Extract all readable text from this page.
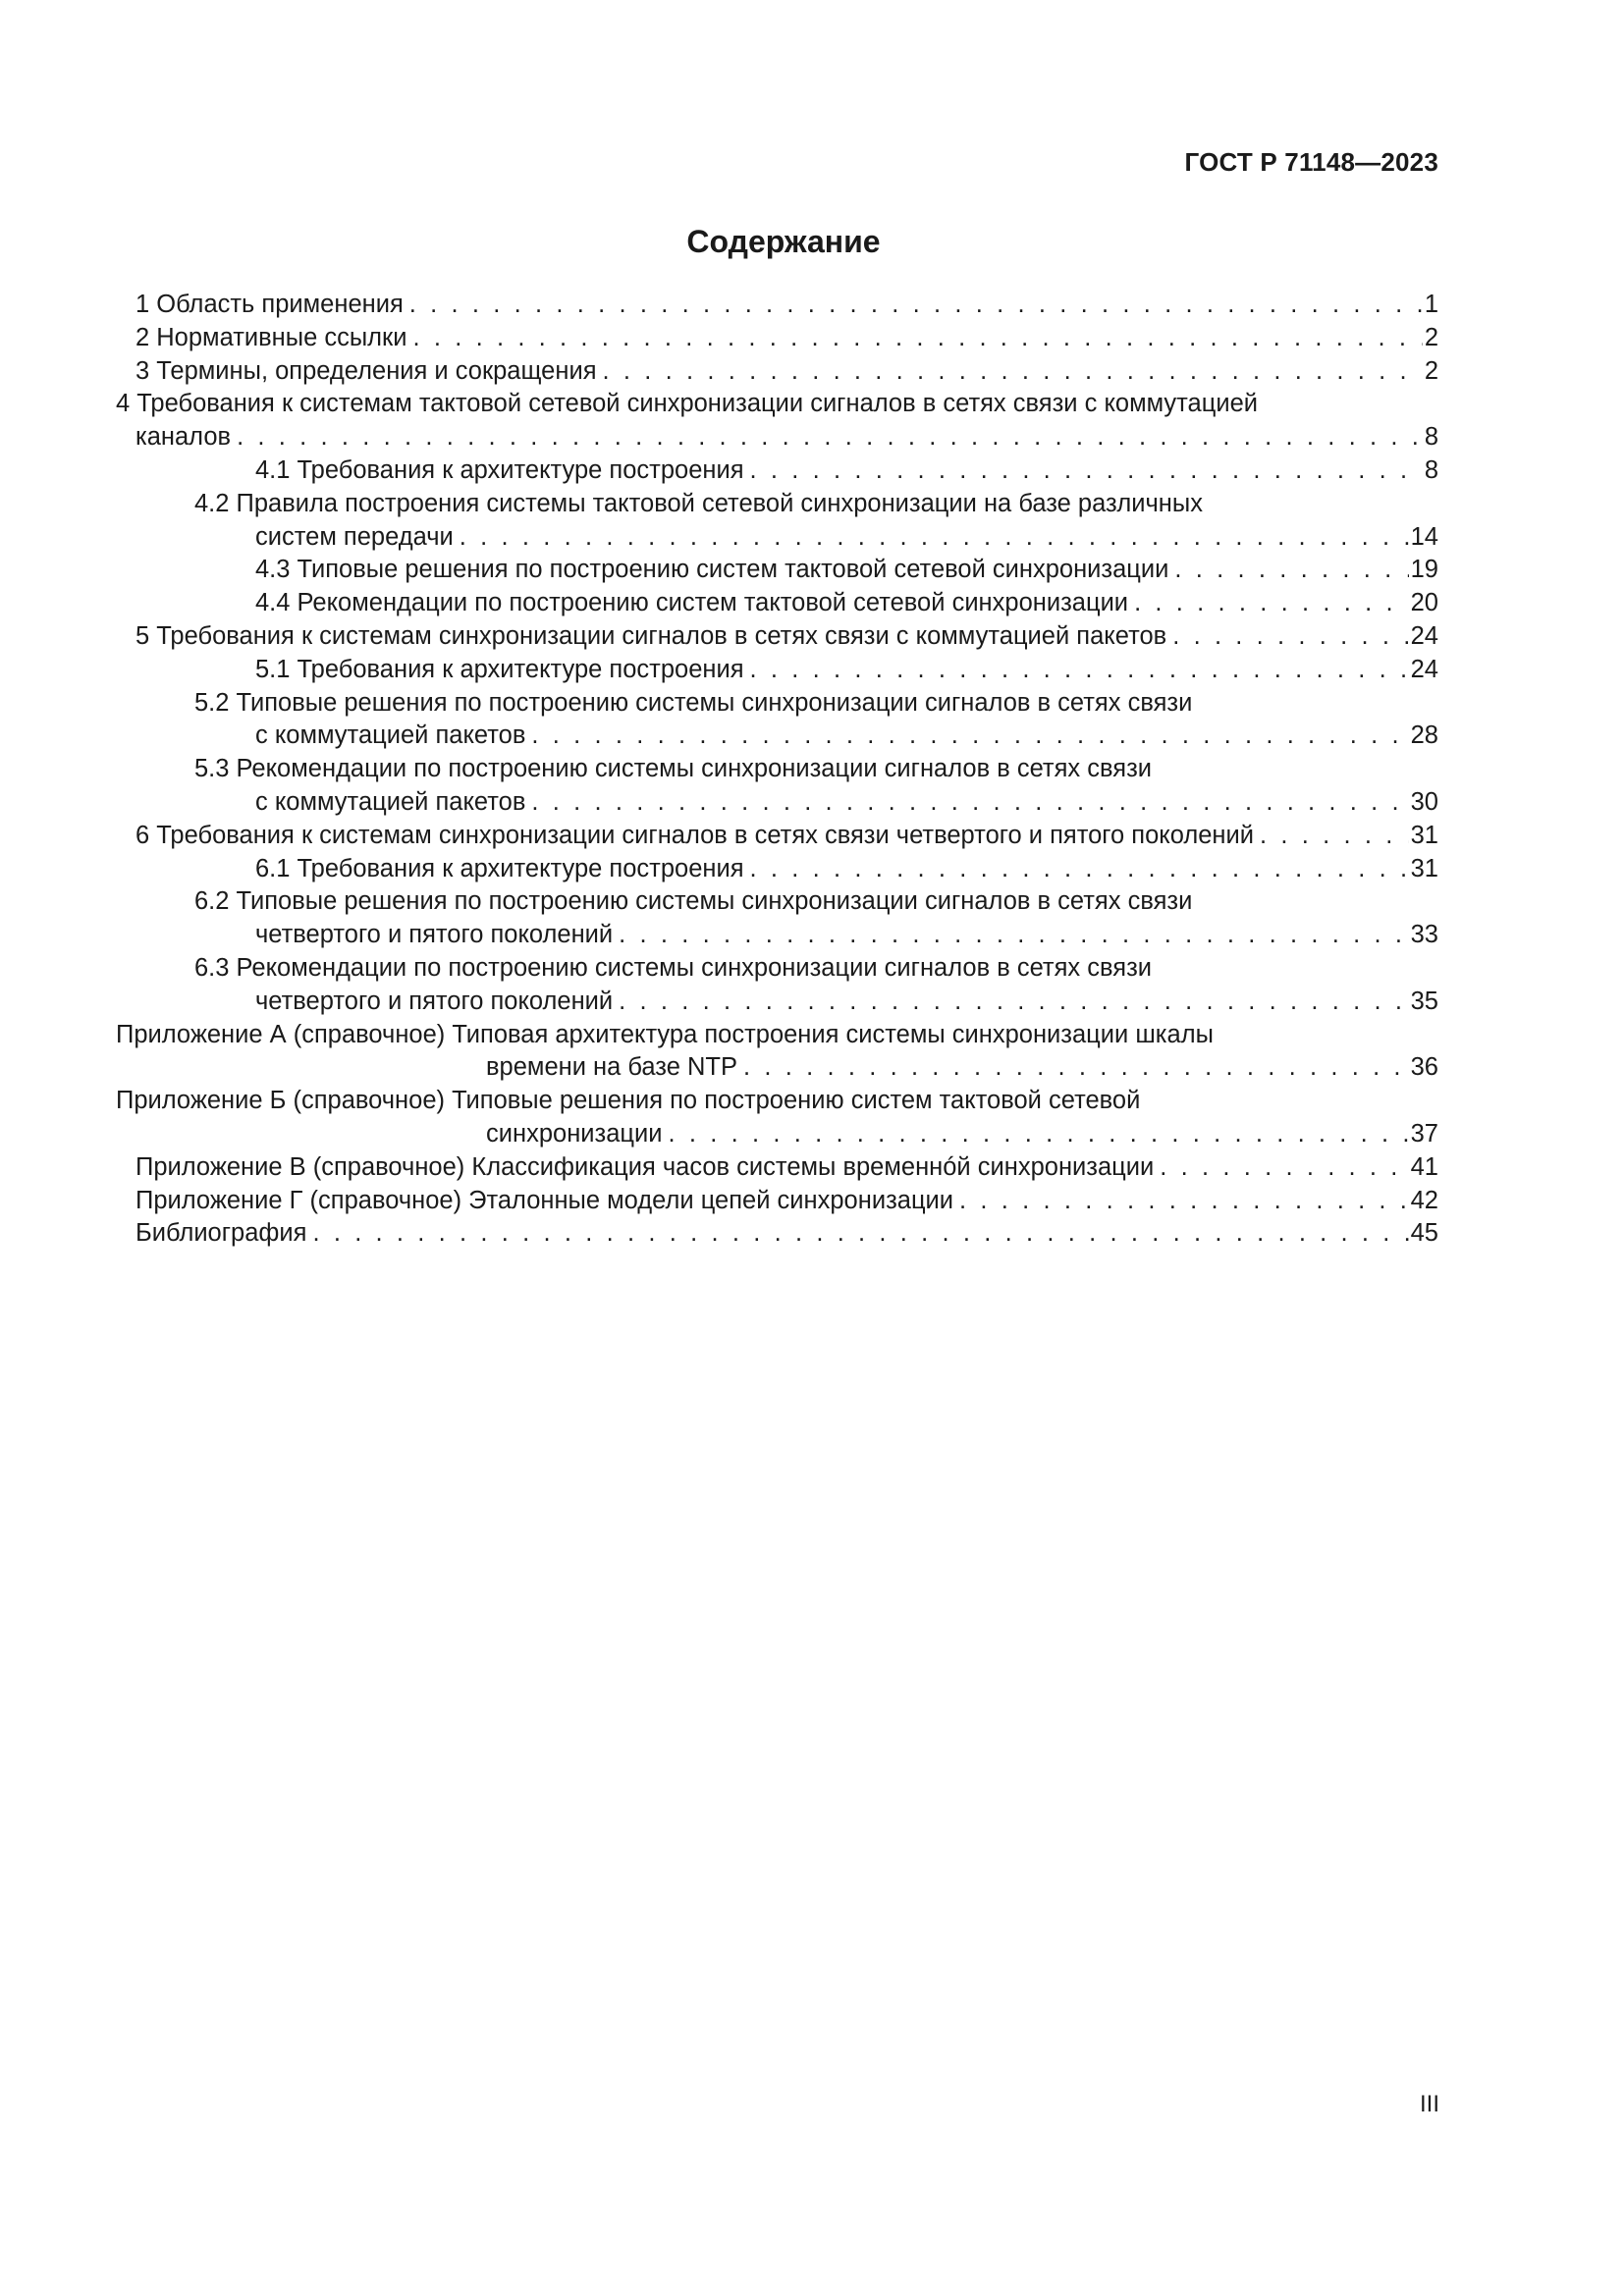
ГОСТ Р 71148—2023
Содержание
1 Область применения . . .	1
2 Нормативные ссылки . . .	2
3 Термины, определения и сокращения . . .	2
4 Требования к системам тактовой сетевой синхронизации сигналов в сетях связи с коммутацией
каналов . . .	8
4.1 Требования к архитектуре построения . . .	8
4.2 Правила построения системы тактовой сетевой синхронизации на базе различных
систем передачи . . .	14
4.3 Типовые решения по построению систем тактовой сетевой синхронизации . . .	19
4.4 Рекомендации по построению систем тактовой сетевой синхронизации . . .	20
5 Требования к системам синхронизации сигналов в сетях связи с коммутацией пакетов . . .	24
5.1 Требования к архитектуре построения . . .	24
5.2 Типовые решения по построению системы синхронизации сигналов в сетях связи
с коммутацией пакетов . . .	28
5.3 Рекомендации по построению системы синхронизации сигналов в сетях связи
с коммутацией пакетов . . .	30
6 Требования к системам синхронизации сигналов в сетях связи четвертого и пятого поколений . . .	31
6.1 Требования к архитектуре построения . . .	31
6.2 Типовые решения по построению системы синхронизации сигналов в сетях связи
четвертого и пятого поколений . . .	33
6.3 Рекомендации по построению системы синхронизации сигналов в сетях связи
четвертого и пятого поколений . . .	35
Приложение А (справочное) Типовая архитектура построения системы синхронизации шкалы
времени на базе NTP . . .	36
Приложение Б (справочное) Типовые решения по построению систем тактовой сетевой
синхронизации . . .	37
Приложение В (справочное) Классификация часов системы временнóй синхронизации . . .	41
Приложение Г (справочное) Эталонные модели цепей синхронизации . . .	42
Библиография . . .	45
III
